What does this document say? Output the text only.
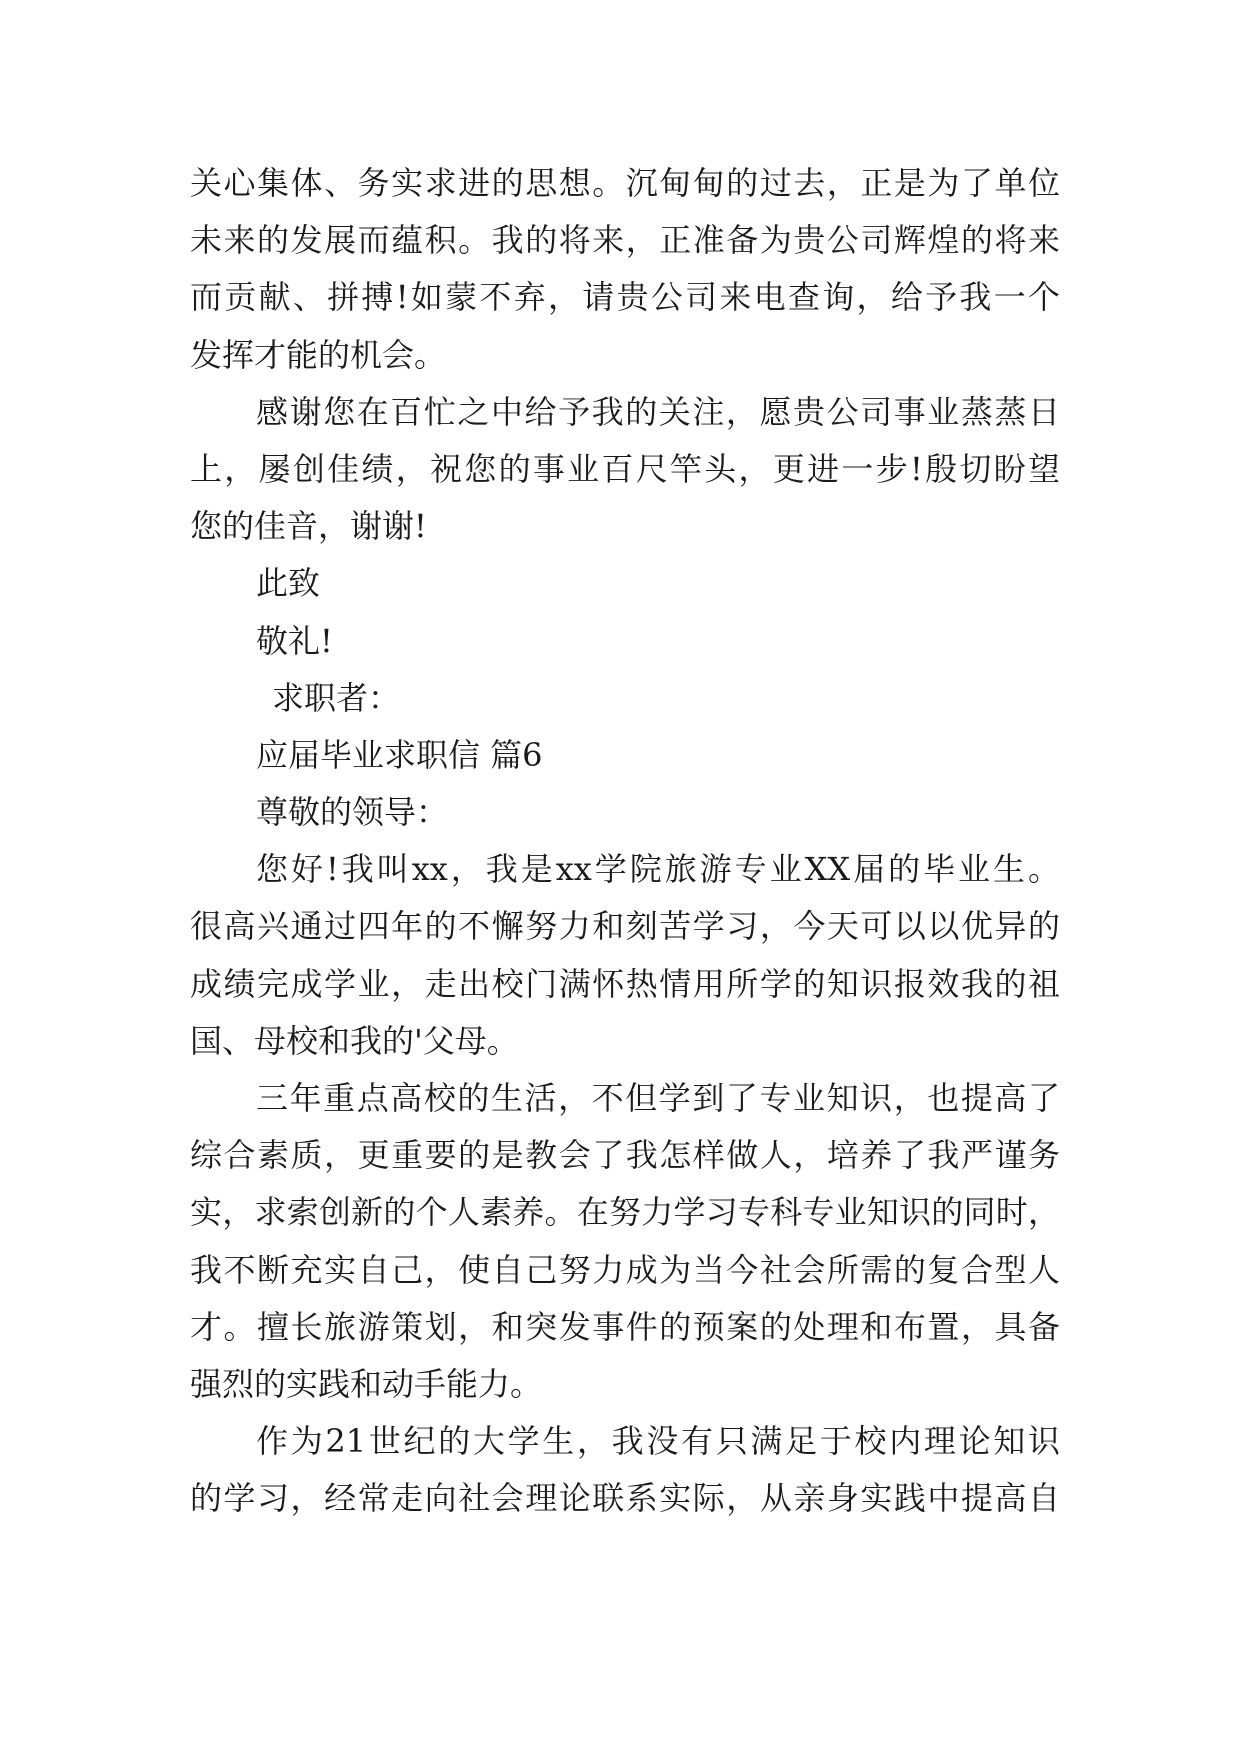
关心集体、务实求进的思想。沉甸甸的过去，正是为了单位
未来的发展而蕴积。我的将来，正准备为贵公司辉煌的将来
而贡献、拼搏!如蒙不弃，请贵公司来电查询，给予我一个
发挥才能的机会。
感谢您在百忙之中给予我的关注，愿贵公司事业蒸蒸日
上，屡创佳绩，祝您的事业百尺竿头，更进一步!殷切盼望
您的佳音，谢谢!
此致
敬礼!
求职者：
应届毕业求职信 篇6
尊敬的领导：
您好!我叫xx，我是xx学院旅游专业XX届的毕业生。
很高兴通过四年的不懈努力和刻苦学习，今天可以以优异的
成绩完成学业，走出校门满怀热情用所学的知识报效我的祖
国、母校和我的'父母。
三年重点高校的生活，不但学到了专业知识，也提高了
综合素质，更重要的是教会了我怎样做人，培养了我严谨务
实，求索创新的个人素养。在努力学习专科专业知识的同时，
我不断充实自己，使自己努力成为当今社会所需的复合型人
才。擅长旅游策划，和突发事件的预案的处理和布置，具备
强烈的实践和动手能力。
作为21世纪的大学生，我没有只满足于校内理论知识
的学习，经常走向社会理论联系实际，从亲身实践中提高自
